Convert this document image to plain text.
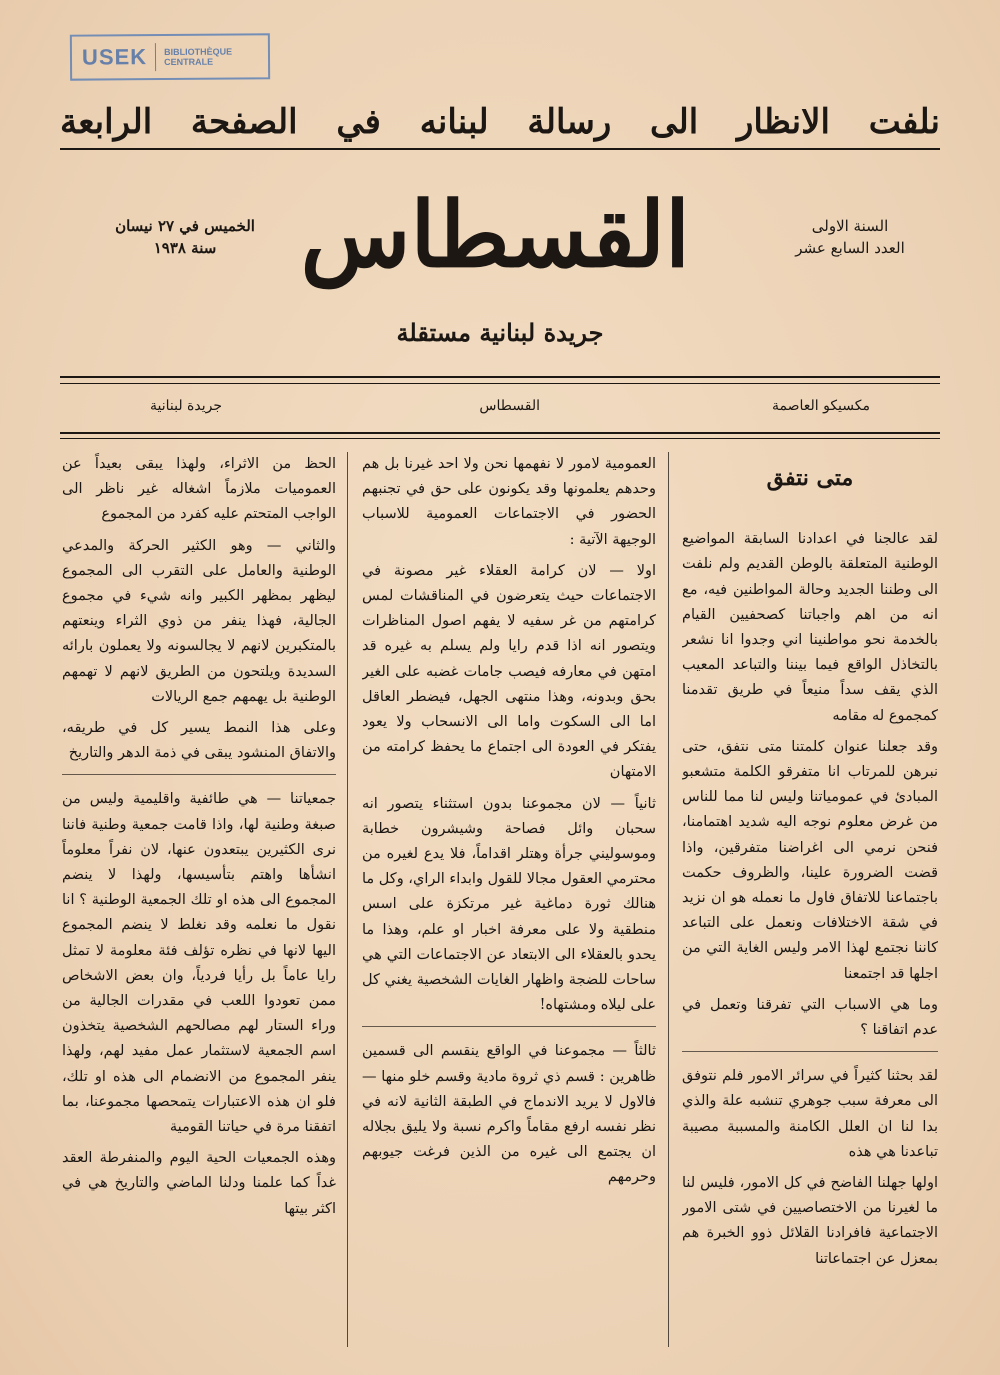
USEK BIBLIOTHÈQUE
CENTRALE
نلفت
الانظار
الى
رسالة
لبنانه
في
الصفحة
الرابعة
الخميس في ٢٧ نيسان
سنة ١٩٣٨ القسطاس
جريدة لبنانية مستقلة
السنة الاولى
العدد السابع عشر
مكسيكو العاصمة
القسطاس
جريدة لبنانية
متى نتفق

لقد عالجنا في اعدادنا السابقة المواضيع الوطنية المتعلقة بالوطن القديم ولم نلفت الى وطننا الجديد وحالة المواطنين فيه، مع انه من اهم واجباتنا كصحفيين القيام بالخدمة نحو مواطنينا اني وجدوا انا نشعر بالتخاذل الواقع فيما بيننا والتباعد المعيب الذي يقف سداً منيعاً في طريق تقدمنا كمجموع له مقامه

وقد جعلنا عنوان كلمتنا متى نتفق، حتى نبرهن للمرتاب انا متفرقو الكلمة متشعبو المبادئ في عمومياتنا وليس لنا مما للناس من غرض معلوم نوجه اليه شديد اهتمامنا، فنحن نرمي الى اغراضنا متفرقين، واذا قضت الضرورة علينا، والظروف حكمت باجتماعنا للاتفاق فاول ما نعمله هو ان نزيد في شقة الاختلافات ونعمل على التباعد كاننا نجتمع لهذا الامر وليس الغاية التي من اجلها قد اجتمعنا

وما هي الاسباب التي تفرقنا وتعمل في عدم اتفاقنا ؟

لقد بحثنا كثيراً في سرائر الامور فلم نتوفق الى معرفة سبب جوهري تنشبه علة والذي بدا لنا ان العلل الكامنة والمسببة مصيبة تباعدنا هي هذه

اولها جهلنا الفاضح في كل الامور، فليس لنا ما لغيرنا من الاختصاصيين في شتى الامور الاجتماعية فافرادنا القلائل ذوو الخبرة هم بمعزل عن اجتماعاتنا

العمومية لامور لا نفهمها نحن ولا احد غيرنا بل هم وحدهم يعلمونها وقد يكونون على حق في تجنبهم الحضور في الاجتماعات العمومية للاسباب الوجيهة الآتية :

اولا — لان كرامة العقلاء غير مصونة في الاجتماعات حيث يتعرضون في المناقشات لمس كرامتهم من غر سفيه لا يفهم اصول المناظرات ويتصور انه اذا قدم رايا ولم يسلم به غيره قد امتهن في معارفه فيصب جامات غضبه على الغير بحق وبدونه، وهذا منتهى الجهل، فيضطر العاقل اما الى السكوت واما الى الانسحاب ولا يعود يفتكر في العودة الى اجتماع ما يحفظ كرامته من الامتهان

ثانياً — لان مجموعنا بدون استثناء يتصور انه سحبان وائل فصاحة وشيشرون خطابة وموسوليني جرأة وهتلر اقداماً، فلا يدع لغيره من محترمي العقول مجالا للقول وابداء الراي، وكل ما هنالك ثورة دماغية غير مرتكزة على اسس منطقية ولا على معرفة اخبار او علم، وهذا ما يحدو بالعقلاء الى الابتعاد عن الاجتماعات التي هي ساحات للضجة واظهار الغايات الشخصية يغني كل على ليلاه ومشتهاه!

ثالثاً — مجموعنا في الواقع ينقسم الى قسمين ظاهرين : قسم ذي ثروة مادية وقسم خلو منها — فالاول لا يريد الاندماج في الطبقة الثانية لانه في نظر نفسه ارفع مقاماً واكرم نسبة ولا يليق بجلاله ان يجتمع الى غيره من الذين فرغت جيوبهم وحرمهم

الحظ من الاثراء، ولهذا يبقى بعيداً عن العموميات ملازماً اشغاله غير ناظر الى الواجب المتحتم عليه كفرد من المجموع

والثاني — وهو الكثير الحركة والمدعي الوطنية والعامل على التقرب الى المجموع ليظهر بمظهر الكبير وانه شيء في مجموع الجالية، فهذا ينفر من ذوي الثراء وينعتهم بالمتكبرين لانهم لا يجالسونه ولا يعملون بارائه السديدة ويلتحون من الطريق لانهم لا تهمهم الوطنية بل يهمهم جمع الريالات

وعلى هذا النمط يسير كل في طريقه، والاتفاق المنشود يبقى في ذمة الدهر والتاريخ

جمعياتنا — هي طائفية واقليمية وليس من صبغة وطنية لها، واذا قامت جمعية وطنية فاننا نرى الكثيرين يبتعدون عنها، لان نفراً معلوماً انشأها واهتم بتأسيسها، ولهذا لا ينضم المجموع الى هذه او تلك الجمعية الوطنية ؟ انا نقول ما نعلمه وقد نغلط لا ينضم المجموع اليها لانها في نظره تؤلف فئة معلومة لا تمثل رايا عاماً بل رأيا فردياً، وان بعض الاشخاص ممن تعودوا اللعب في مقدرات الجالية من وراء الستار لهم مصالحهم الشخصية يتخذون اسم الجمعية لاستثمار عمل مفيد لهم، ولهذا ينفر المجموع من الانضمام الى هذه او تلك، فلو ان هذه الاعتبارات يتمحصها مجموعنا، بما اتفقنا مرة في حياتنا القومية

وهذه الجمعيات الحية اليوم والمنفرطة العقد غداً كما علمنا ودلنا الماضي والتاريخ هي في اكثر بيتها
